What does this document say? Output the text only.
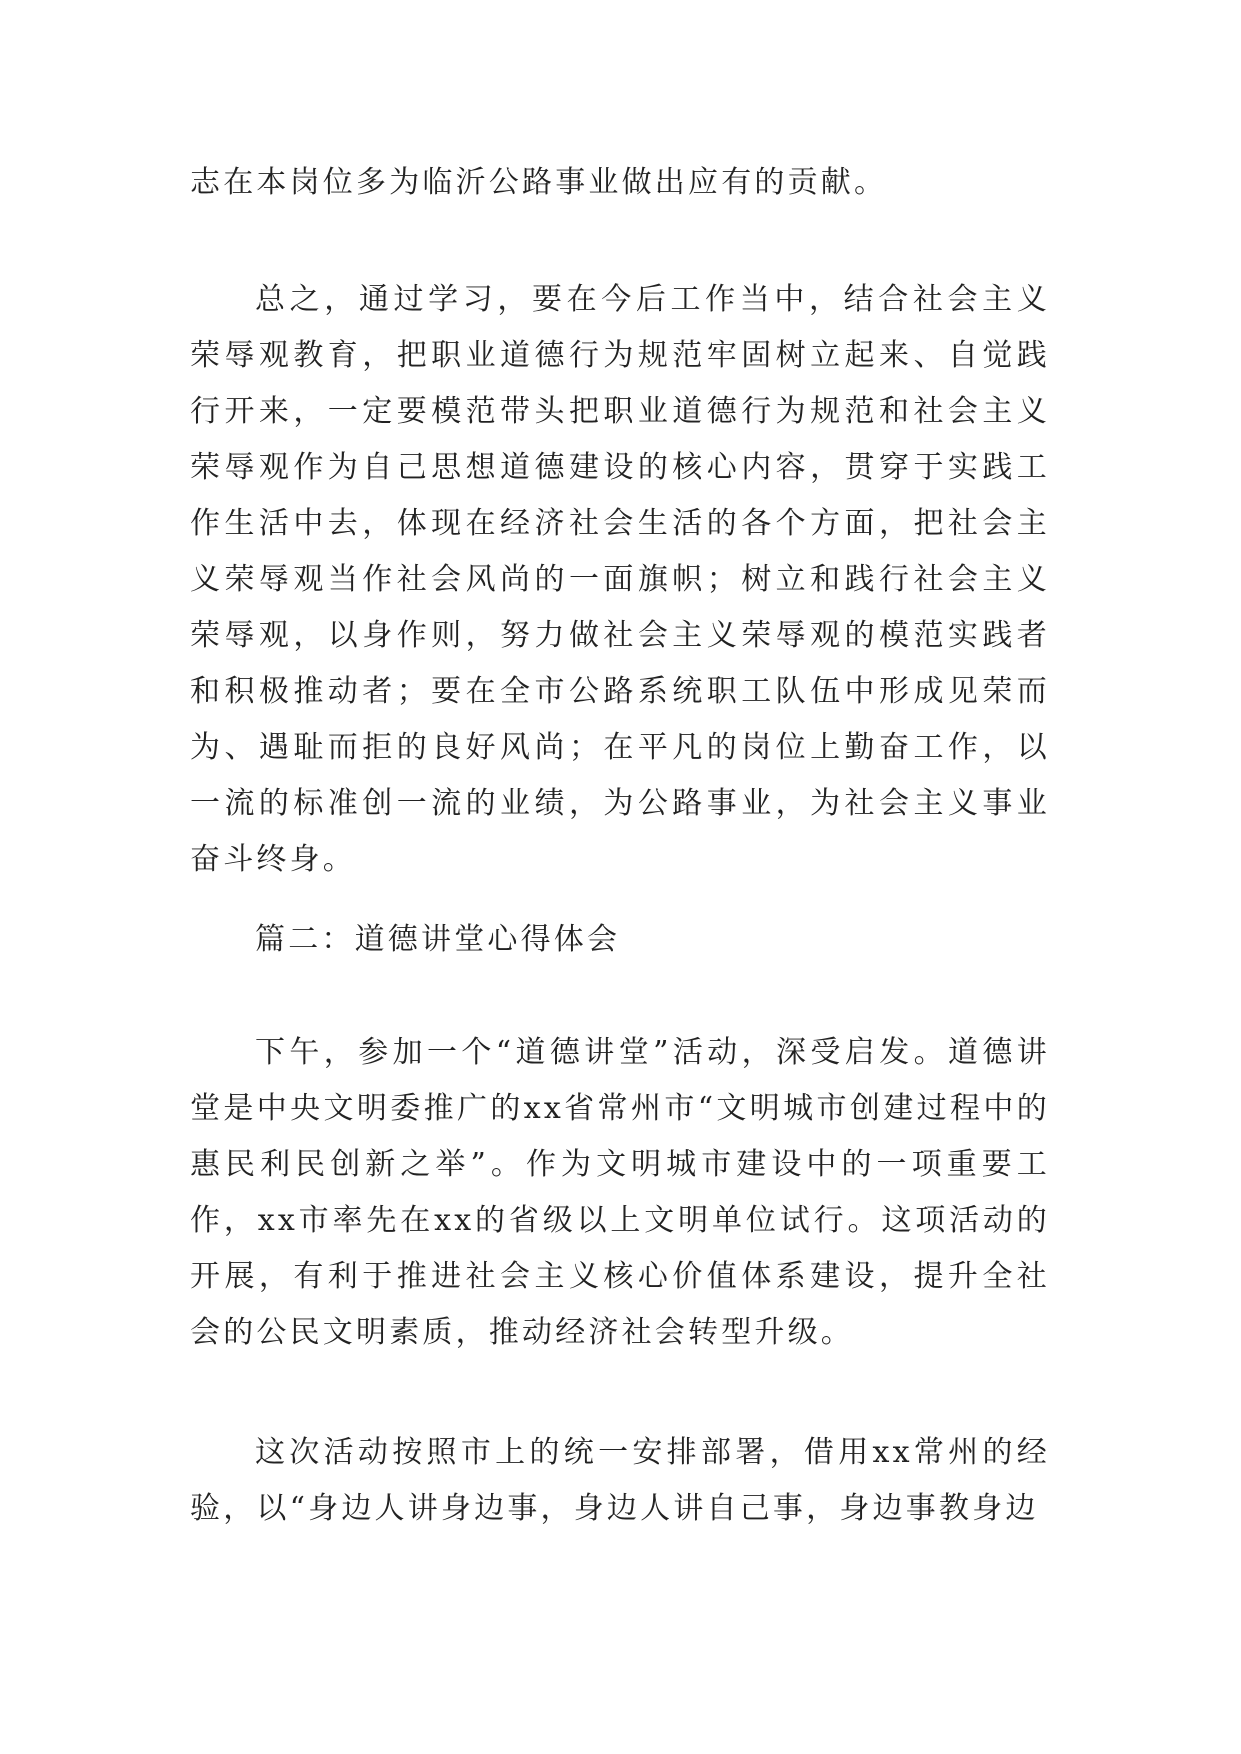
志在本岗位多为临沂公路事业做出应有的贡献。

总之，通过学习，要在今后工作当中，结合社会主义荣辱观教育，把职业道德行为规范牢固树立起来、自觉践行开来，一定要模范带头把职业道德行为规范和社会主义荣辱观作为自己思想道德建设的核心内容，贯穿于实践工作生活中去，体现在经济社会生活的各个方面，把社会主义荣辱观当作社会风尚的一面旗帜；树立和践行社会主义荣辱观，以身作则，努力做社会主义荣辱观的模范实践者和积极推动者；要在全市公路系统职工队伍中形成见荣而为、遇耻而拒的良好风尚；在平凡的岗位上勤奋工作，以一流的标准创一流的业绩，为公路事业，为社会主义事业奋斗终身。

篇二：道德讲堂心得体会

下午，参加一个“道德讲堂”活动，深受启发。道德讲堂是中央文明委推广的xx省常州市“文明城市创建过程中的惠民利民创新之举”。作为文明城市建设中的一项重要工作，xx市率先在xx的省级以上文明单位试行。这项活动的开展，有利于推进社会主义核心价值体系建设，提升全社会的公民文明素质，推动经济社会转型升级。

这次活动按照市上的统一安排部署，借用xx常州的经验，以“身边人讲身边事，身边人讲自己事，身边事教身边
